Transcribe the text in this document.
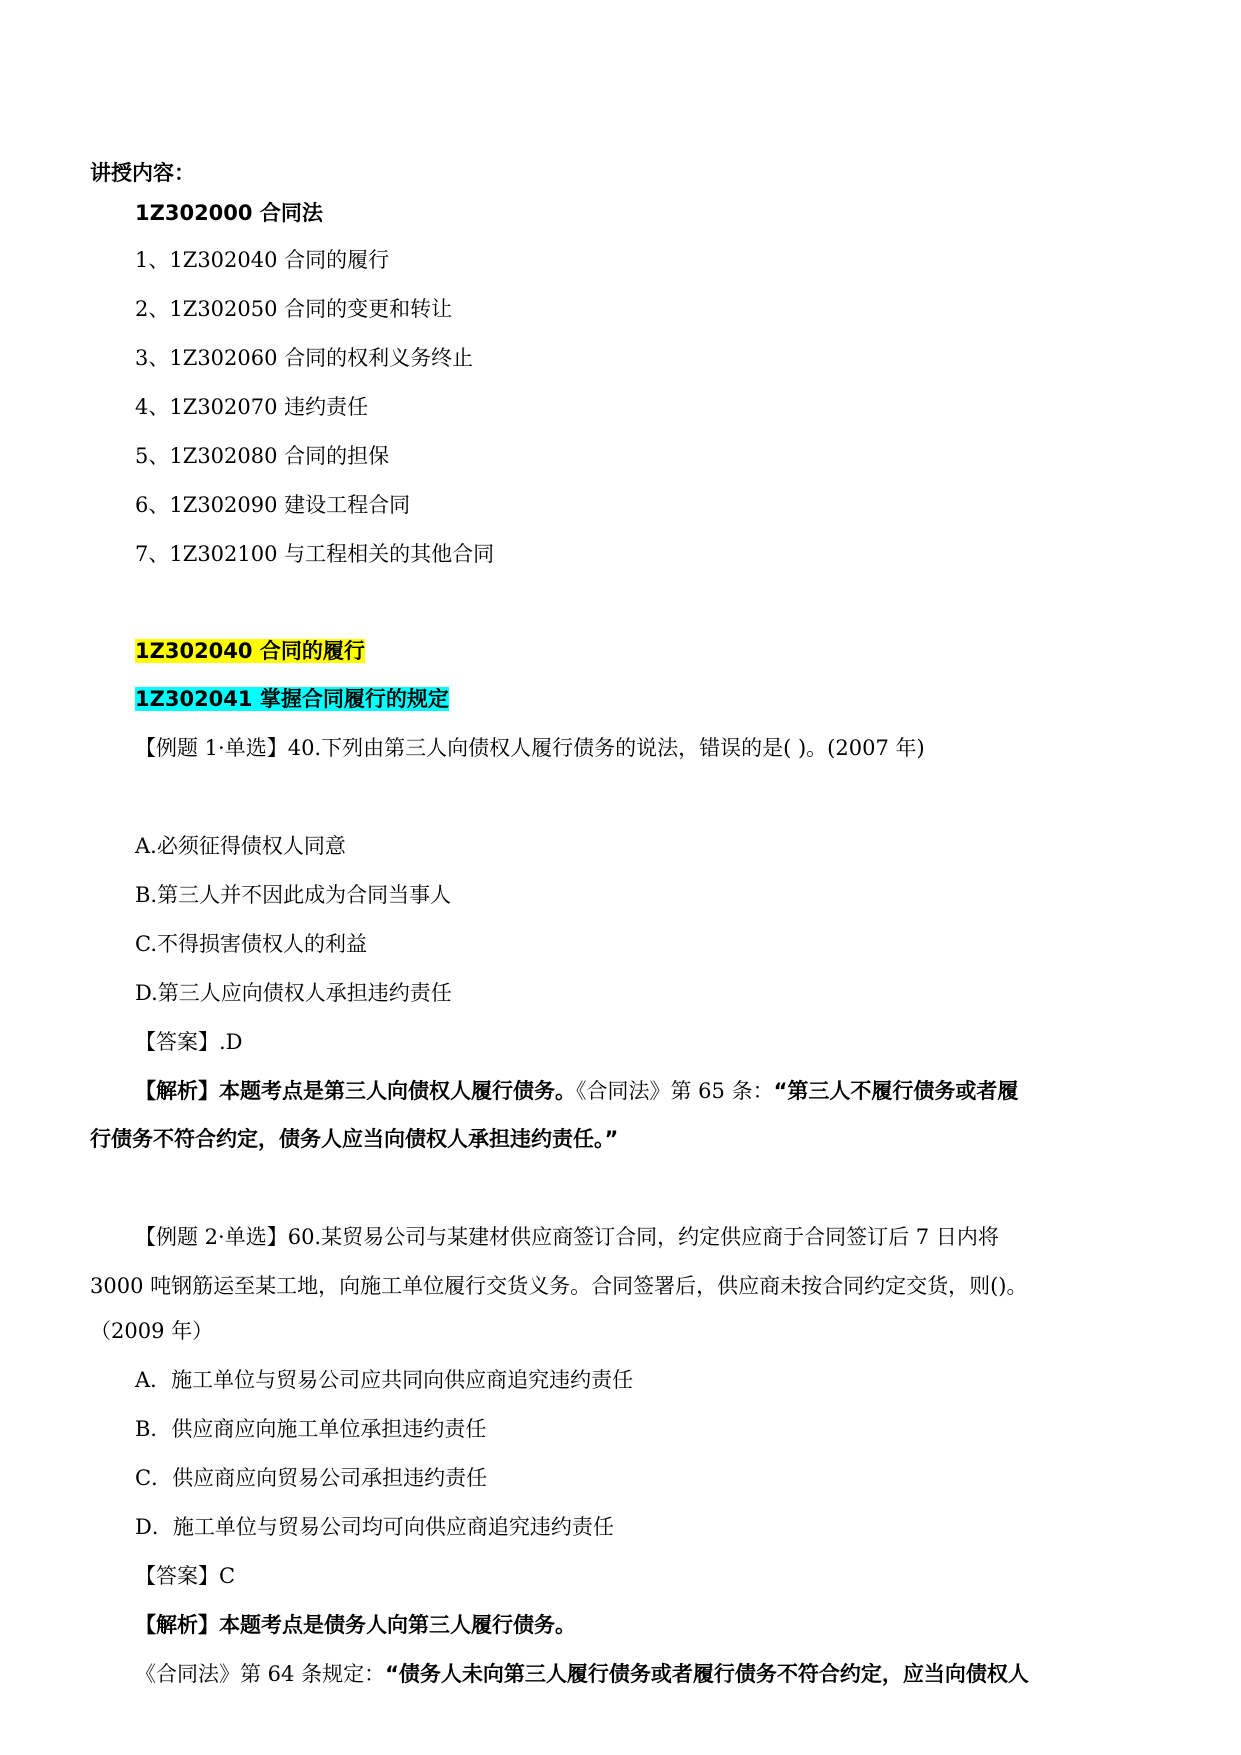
讲授内容：
1Z302000 合同法
1、1Z302040 合同的履行
2、1Z302050 合同的变更和转让
3、1Z302060 合同的权利义务终止
4、1Z302070 违约责任
5、1Z302080 合同的担保
6、1Z302090 建设工程合同
7、1Z302100 与工程相关的其他合同
1Z302040 合同的履行
1Z302041 掌握合同履行的规定
【例题 1·单选】40.下列由第三人向债权人履行债务的说法，错误的是( )。(2007 年)
A.必须征得债权人同意
B.第三人并不因此成为合同当事人
C.不得损害债权人的利益
D.第三人应向债权人承担违约责任
【答案】.D
【解析】本题考点是第三人向债权人履行债务。《合同法》第 65 条：“第三人不履行债务或者履
行债务不符合约定，债务人应当向债权人承担违约责任。”
【例题 2·单选】60.某贸易公司与某建材供应商签订合同，约定供应商于合同签订后 7 日内将
3000 吨钢筋运至某工地，向施工单位履行交货义务。合同签署后，供应商未按合同约定交货，则()。
（2009 年）
A．施工单位与贸易公司应共同向供应商追究违约责任
B．供应商应向施工单位承担违约责任
C．供应商应向贸易公司承担违约责任
D．施工单位与贸易公司均可向供应商追究违约责任
【答案】C
【解析】本题考点是债务人向第三人履行债务。
《合同法》第 64 条规定：“债务人未向第三人履行债务或者履行债务不符合约定，应当向债权人
